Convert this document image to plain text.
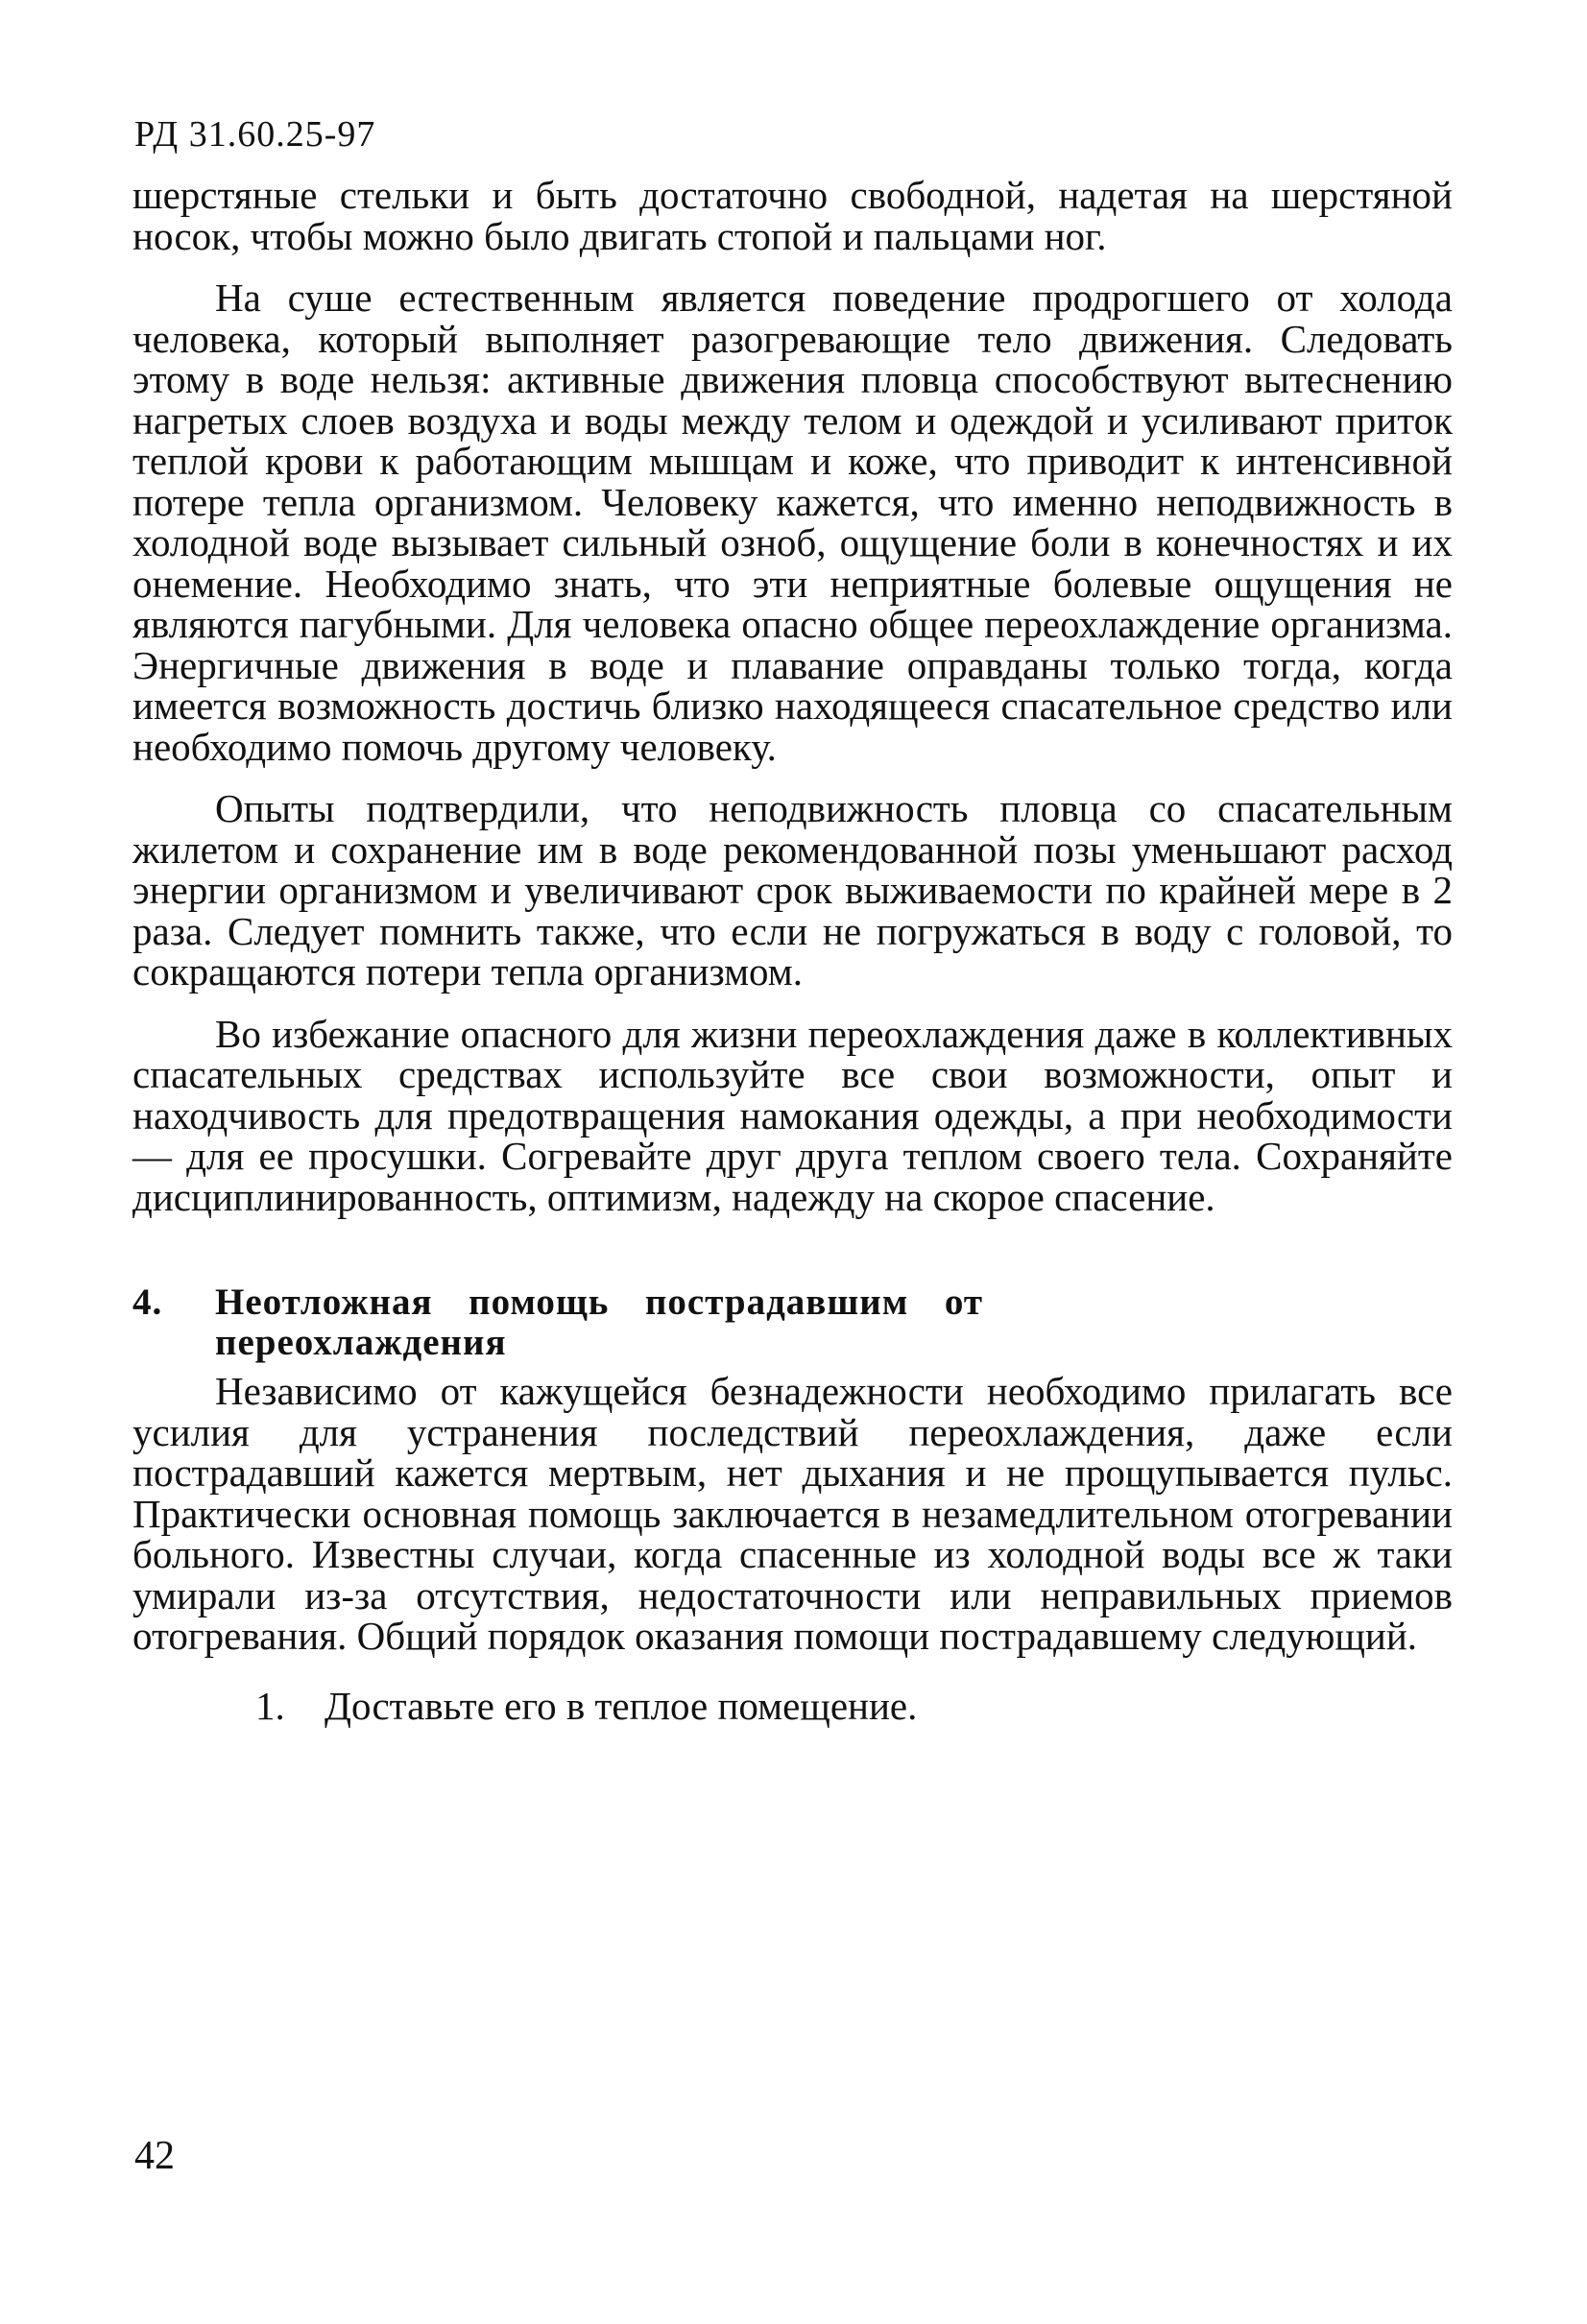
РД 31.60.25-97

шерстяные стельки и быть достаточно свободной, надетая на шерстяной носок, чтобы можно было двигать стопой и пальцами ног.

На суше естественным является поведение продрогшего от холода человека, который выполняет разогревающие тело движения. Следовать этому в воде нельзя: активные движения пловца способствуют вытеснению нагретых слоев воздуха и воды между телом и одеждой и усиливают приток теплой крови к работающим мышцам и коже, что приводит к интенсивной потере тепла организмом. Человеку кажется, что именно неподвижность в холодной воде вызывает сильный озноб, ощущение боли в конечностях и их онемение. Необходимо знать, что эти неприятные болевые ощущения не являются пагубными. Для человека опасно общее переохлаждение организма. Энергичные движения в воде и плавание оправданы только тогда, когда имеется возможность достичь близко находящееся спасательное средство или необходимо помочь другому человеку.

Опыты подтвердили, что неподвижность пловца со спасательным жилетом и сохранение им в воде рекомендованной позы уменьшают расход энергии организмом и увеличивают срок выживаемости по крайней мере в 2 раза. Следует помнить также, что если не погружаться в воду с головой, то сокращаются потери тепла организмом.

Во избежание опасного для жизни переохлаждения даже в коллективных спасательных средствах используйте все свои возможности, опыт и находчивость для предотвращения намокания одежды, а при необходимости — для ее просушки. Согревайте друг друга теплом своего тела. Сохраняйте дисциплинированность, оптимизм, надежду на скорое спасение.

4.	Неотложная помощь пострадавшим от переохлаждения

Независимо от кажущейся безнадежности необходимо прилагать все усилия для устранения последствий переохлаждения, даже если пострадавший кажется мертвым, нет дыхания и не прощупывается пульс. Практически основная помощь заключается в незамедлительном отогревании больного. Известны случаи, когда спасенные из холодной воды все ж таки умирали из-за отсутствия, недостаточности или неправильных приемов отогревания. Общий порядок оказания помощи пострадавшему следующий.

1. Доставьте его в теплое помещение.
42
